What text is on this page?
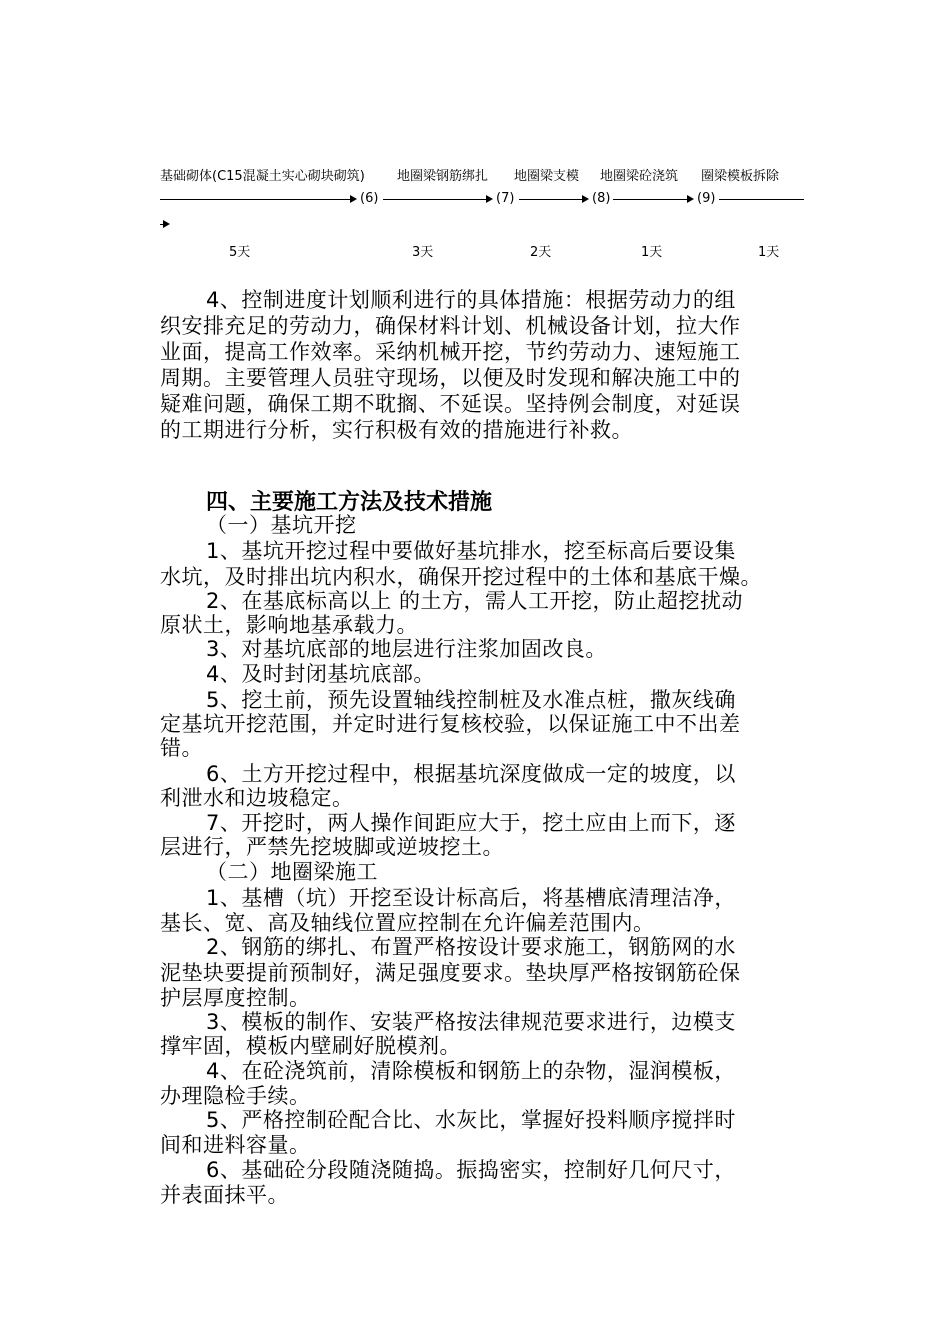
基础砌体(C15混凝土实心砌块砌筑) 地圈梁钢筋绑扎 地圈梁支模 地圈梁砼浇筑 圈梁模板拆除
(6)	(7)	(8)	(9)
5天	3天	2天	1天	1天
4、控制进度计划顺利进行的具体措施：根据劳动力的组
织安排充足的劳动力，确保材料计划、机械设备计划，拉大作
业面，提高工作效率。采纳机械开挖，节约劳动力、速短施工
周期。主要管理人员驻守现场，以便及时发现和解决施工中的
疑难问题，确保工期不耽搁、不延误。坚持例会制度，对延误
的工期进行分析，实行积极有效的措施进行补救。
四、主要施工方法及技术措施
（一）基坑开挖
1、基坑开挖过程中要做好基坑排水，挖至标高后要设集
水坑，及时排出坑内积水，确保开挖过程中的土体和基底干燥。
2、在基底标高以上 的土方，需人工开挖，防止超挖扰动
原状土，影响地基承载力。
3、对基坑底部的地层进行注浆加固改良。
4、及时封闭基坑底部。
5、挖土前，预先设置轴线控制桩及水准点桩，撒灰线确
定基坑开挖范围，并定时进行复核校验，以保证施工中不出差
错。
6、土方开挖过程中，根据基坑深度做成一定的坡度，以
利泄水和边坡稳定。
7、开挖时，两人操作间距应大于，挖土应由上而下，逐
层进行，严禁先挖坡脚或逆坡挖土。
（二）地圈梁施工
1、基槽（坑）开挖至设计标高后，将基槽底清理洁净，
基长、宽、高及轴线位置应控制在允许偏差范围内。
2、钢筋的绑扎、布置严格按设计要求施工，钢筋网的水
泥垫块要提前预制好，满足强度要求。垫块厚严格按钢筋砼保
护层厚度控制。
3、模板的制作、安装严格按法律规范要求进行，边模支
撑牢固，模板内壁刷好脱模剂。
4、在砼浇筑前，清除模板和钢筋上的杂物，湿润模板，
办理隐检手续。
5、严格控制砼配合比、水灰比，掌握好投料顺序搅拌时
间和进料容量。
6、基础砼分段随浇随捣。振捣密实，控制好几何尺寸，
并表面抹平。
